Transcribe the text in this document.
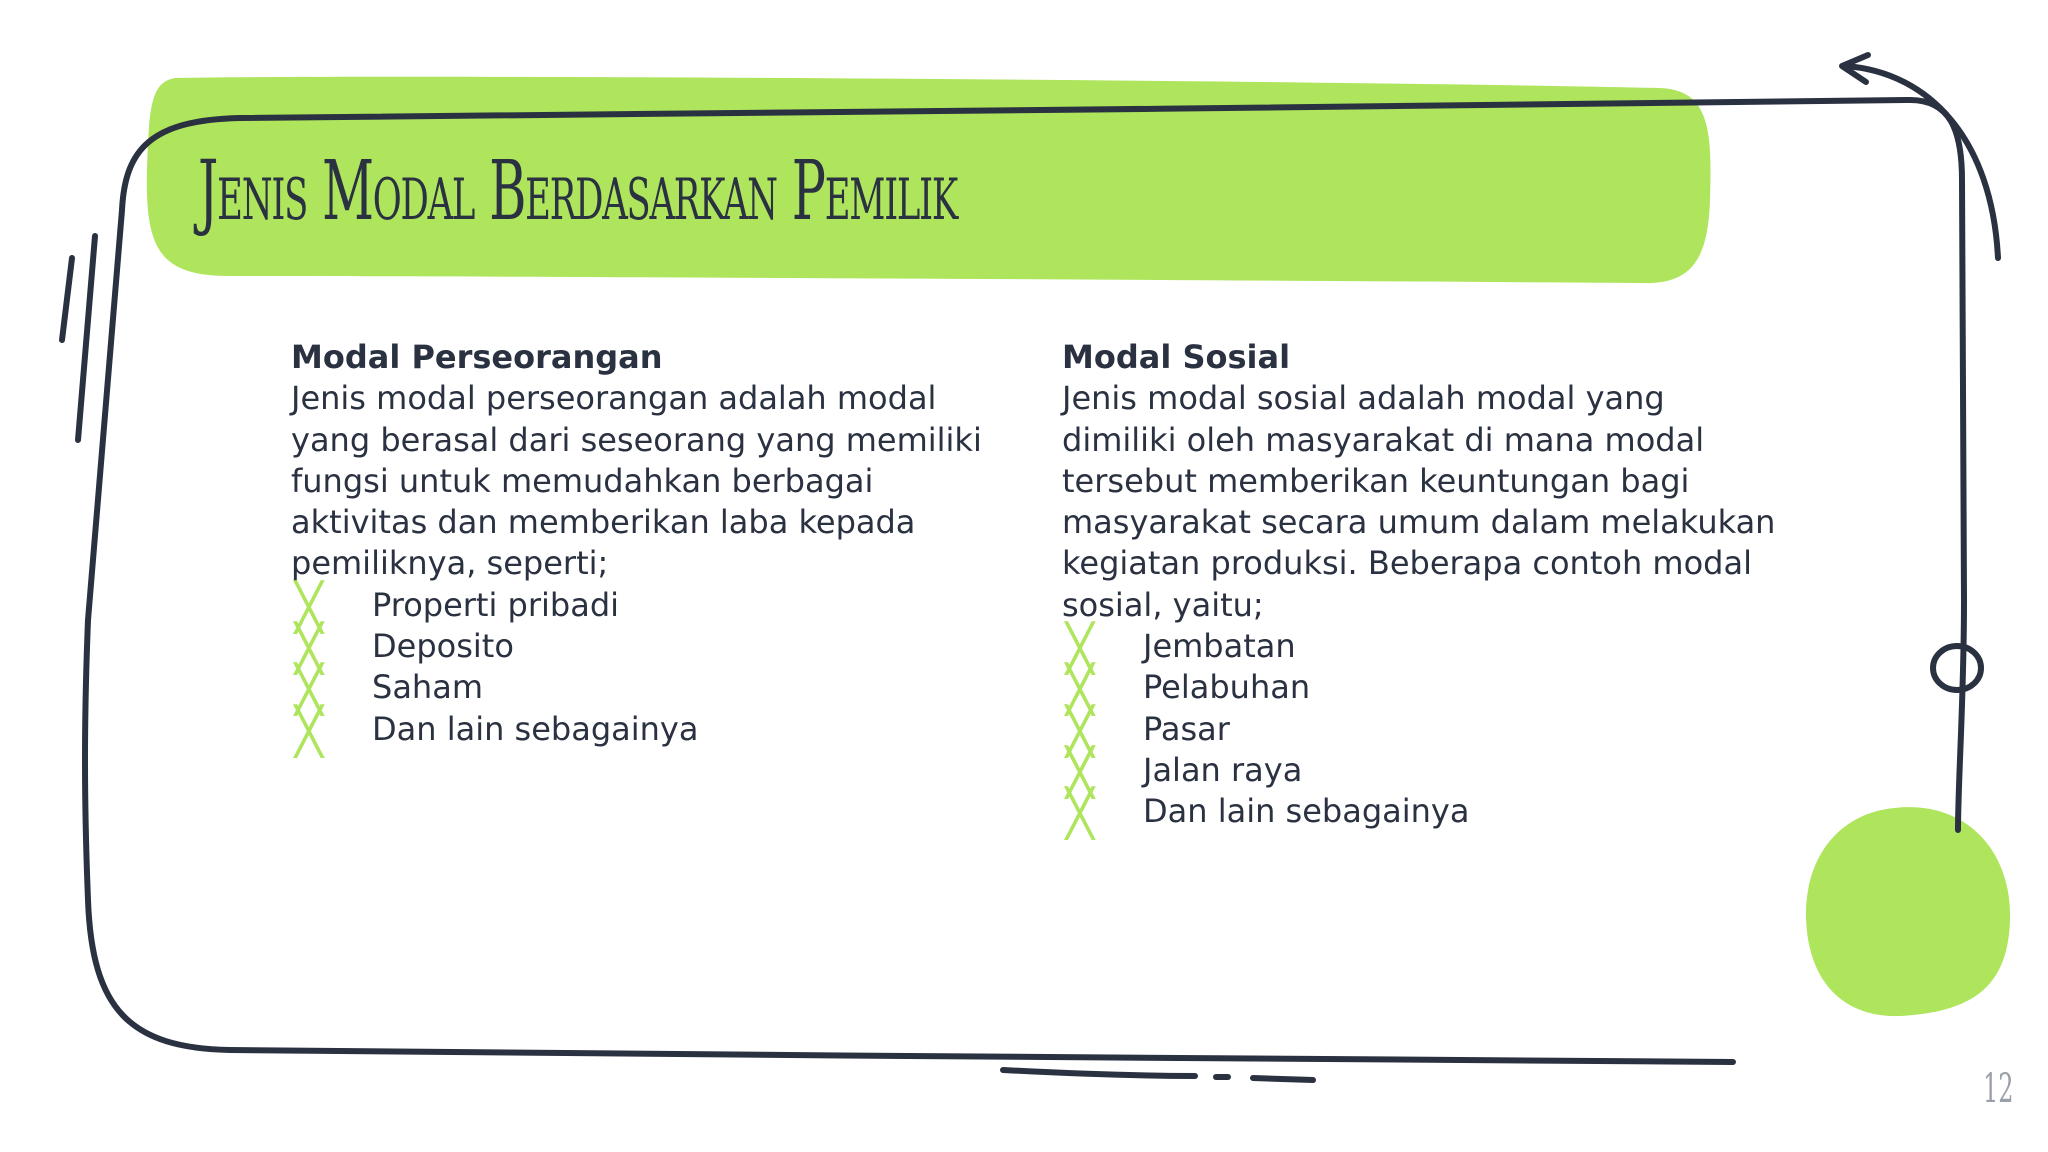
Jenis Modal Berdasarkan Pemilik
Modal Perseorangan

Jenis modal perseorangan adalah modal yang berasal dari seseorang yang memiliki fungsi untuk memudahkan berbagai aktivitas dan memberikan laba kepada pemiliknya, seperti;

╳ Properti pribadi
╳ Deposito
╳ Saham
╳ Dan lain sebagainya
Modal Sosial

Jenis modal sosial adalah modal yang dimiliki oleh masyarakat di mana modal tersebut memberikan keuntungan bagi masyarakat secara umum dalam melakukan kegiatan produksi. Beberapa contoh modal sosial, yaitu;

╳ Jembatan
╳ Pelabuhan
╳ Pasar
╳ Jalan raya
╳ Dan lain sebagainya
12
